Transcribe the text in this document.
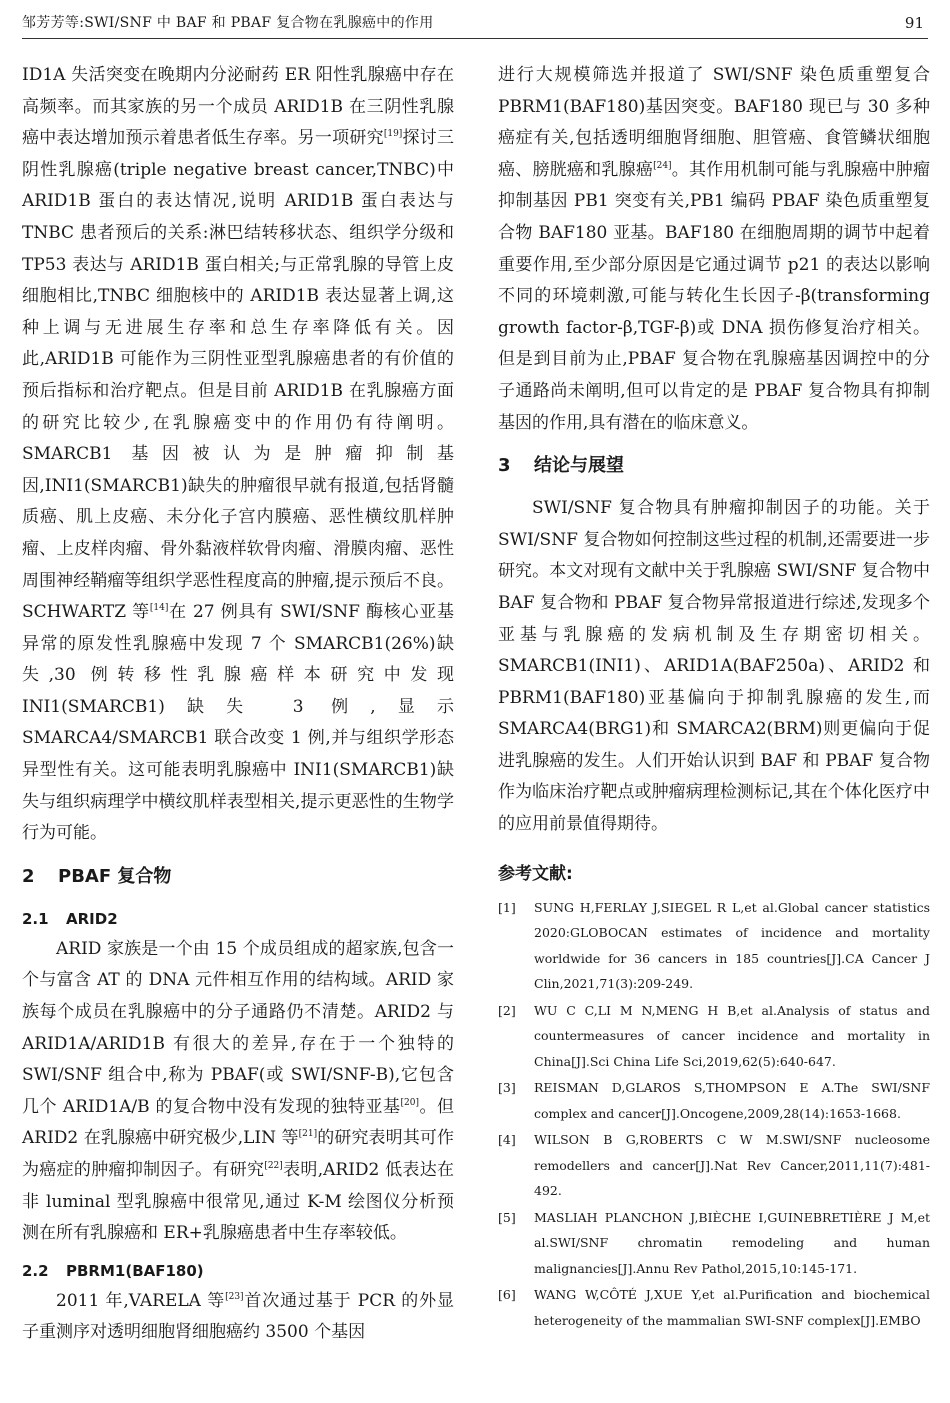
邹芳芳等:SWI/SNF 中 BAF 和 PBAF 复合物在乳腺癌中的作用	91

ID1A 失活突变在晚期内分泌耐药 ER 阳性乳腺癌中存在高频率。而其家族的另一个成员 ARID1B 在三阴性乳腺癌中表达增加预示着患者低生存率。另一项研究[19]探讨三阴性乳腺癌(triple negative breast cancer,TNBC)中 ARID1B 蛋白的表达情况,说明 ARID1B 蛋白表达与 TNBC 患者预后的关系:淋巴结转移状态、组织学分级和 TP53 表达与 ARID1B 蛋白相关;与正常乳腺的导管上皮细胞相比,TNBC 细胞核中的 ARID1B 表达显著上调,这种上调与无进展生存率和总生存率降低有关。因此,ARID1B 可能作为三阴性亚型乳腺癌患者的有价值的预后指标和治疗靶点。但是目前 ARID1B 在乳腺癌方面的研究比较少,在乳腺癌变中的作用仍有待阐明。SMARCB1 基因被认为是肿瘤抑制基因,INI1(SMARCB1)缺失的肿瘤很早就有报道,包括肾髓质癌、肌上皮癌、未分化子宫内膜癌、恶性横纹肌样肿瘤、上皮样肉瘤、骨外黏液样软骨肉瘤、滑膜肉瘤、恶性周围神经鞘瘤等组织学恶性程度高的肿瘤,提示预后不良。SCHWARTZ 等[14]在 27 例具有 SWI/SNF 酶核心亚基异常的原发性乳腺癌中发现 7 个 SMARCB1(26%)缺失,30 例转移性乳腺癌样本研究中发现 INI1(SMARCB1)缺失 3 例,显示 SMARCA4/SMARCB1 联合改变 1 例,并与组织学形态异型性有关。这可能表明乳腺癌中 INI1(SMARCB1)缺失与组织病理学中横纹肌样表型相关,提示更恶性的生物学行为可能。

2 PBAF 复合物
2.1 ARID2

ARID 家族是一个由 15 个成员组成的超家族,包含一个与富含 AT 的 DNA 元件相互作用的结构域。ARID 家族每个成员在乳腺癌中的分子通路仍不清楚。ARID2 与 ARID1A/ARID1B 有很大的差异,存在于一个独特的 SWI/SNF 组合中,称为 PBAF(或 SWI/SNF-B),它包含几个 ARID1A/B 的复合物中没有发现的独特亚基[20]。但 ARID2 在乳腺癌中研究极少,LIN 等[21]的研究表明其可作为癌症的肿瘤抑制因子。有研究[22]表明,ARID2 低表达在非 luminal 型乳腺癌中很常见,通过 K-M 绘图仪分析预测在所有乳腺癌和 ER+乳腺癌患者中生存率较低。

2.2 PBRM1(BAF180)

2011 年,VARELA 等[23]首次通过基于 PCR 的外显子重测序对透明细胞肾细胞癌约 3500 个基因

进行大规模筛选并报道了 SWI/SNF 染色质重塑复合 PBRM1(BAF180)基因突变。BAF180 现已与 30 多种癌症有关,包括透明细胞肾细胞、胆管癌、食管鳞状细胞癌、膀胱癌和乳腺癌[24]。其作用机制可能与乳腺癌中肿瘤抑制基因 PB1 突变有关,PB1 编码 PBAF 染色质重塑复合物 BAF180 亚基。BAF180 在细胞周期的调节中起着重要作用,至少部分原因是它通过调节 p21 的表达以影响不同的环境刺激,可能与转化生长因子-β(transforming growth factor-β,TGF-β)或 DNA 损伤修复治疗相关。但是到目前为止,PBAF 复合物在乳腺癌基因调控中的分子通路尚未阐明,但可以肯定的是 PBAF 复合物具有抑制基因的作用,具有潜在的临床意义。

3 结论与展望

SWI/SNF 复合物具有肿瘤抑制因子的功能。关于 SWI/SNF 复合物如何控制这些过程的机制,还需要进一步研究。本文对现有文献中关于乳腺癌 SWI/SNF 复合物中 BAF 复合物和 PBAF 复合物异常报道进行综述,发现多个亚基与乳腺癌的发病机制及生存期密切相关。SMARCB1(INI1)、ARID1A(BAF250a)、ARID2 和 PBRM1(BAF180)亚基偏向于抑制乳腺癌的发生,而 SMARCA4(BRG1)和 SMARCA2(BRM)则更偏向于促进乳腺癌的发生。人们开始认识到 BAF 和 PBAF 复合物作为临床治疗靶点或肿瘤病理检测标记,其在个体化医疗中的应用前景值得期待。

参考文献:
[1] SUNG H,FERLAY J,SIEGEL R L,et al.Global cancer statistics 2020:GLOBOCAN estimates of incidence and mortality worldwide for 36 cancers in 185 countries[J].CA Cancer J Clin,2021,71(3):209-249.
[2] WU C C,LI M N,MENG H B,et al.Analysis of status and countermeasures of cancer incidence and mortality in China[J].Sci China Life Sci,2019,62(5):640-647.
[3] REISMAN D,GLAROS S,THOMPSON E A.The SWI/SNF complex and cancer[J].Oncogene,2009,28(14):1653-1668.
[4] WILSON B G,ROBERTS C W M.SWI/SNF nucleosome remodellers and cancer[J].Nat Rev Cancer,2011,11(7):481-492.
[5] MASLIAH PLANCHON J,BIÈCHE I,GUINEBRETIÈRE J M,et al.SWI/SNF chromatin remodeling and human malignancies[J].Annu Rev Pathol,2015,10:145-171.
[6] WANG W,CÔTÉ J,XUE Y,et al.Purification and biochemical heterogeneity of the mammalian SWI-SNF complex[J].EMBO
